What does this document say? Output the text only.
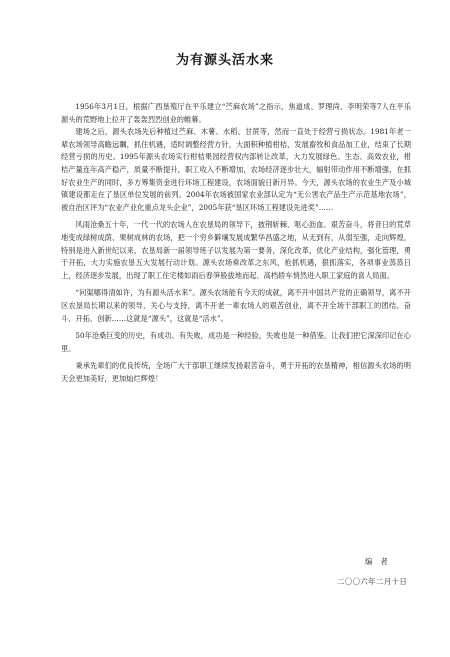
为有源头活水来

1956年3月1日，根据广西垦殖厅在平乐建立“苎麻农场”之指示，焦道成、罗理尚、李明荣等7人在平乐源头的荒野地上拉开了轰轰烈烈创业的帷幕。

建场之后，源头农场先后种植过苎麻、木薯、水稻、甘蔗等，然而一直处于经营亏损状态。1981年老一辈农场领导高瞻远瞩，抓住机遇，适时调整经营方针，大面积种植柑桔，发展畜牧和食品加工业，结束了长期经营亏损的历史。1995年源头农场实行柑桔果园经营权内部转让改革，大力发展绿色、生态、高效农业，柑桔产量连年高产稳产，质量不断提升，职工收入不断增加，农场经济逐步壮大，辐射带动作用不断增强，在抓好农业生产的同时，多方筹集资金进行环场工程建设，农场面貌日新月异。今天，源头农场的农业生产及小城镇建设都走在了垦区单位发展的前列。2004年农场被国家农业部认定为“无公害农产品生产示范基地农场”，被自治区评为“农业产业化重点龙头企业”，2005年获“垦区环场工程建设先进奖”……

风雨沧桑五十年，一代一代的农场人在农垦局的领导下，披荆斩棘、呕心沥血、艰苦奋斗，将昔日的荒草地变成绿树成荫、果树成林的农场，把一个穷乡僻壤发展成繁华昌盛之地，从无到有，从弱至强，走向辉煌，特别是进入新世纪以来，农垦局新一届领导班子以发展为第一要务，深化改革，优化产业结构，强化管理，勇于开拓，大力实施农垦五大发展行动计划。源头农场乘改革之东风，抢抓机遇，狠抓落实，各项事业蒸蒸日上，经济逐步发展，出现了职工住宅楼如雨后春笋般拔地而起、高档轿车悄然进入职工家庭的喜人局面。

“问渠哪得清如许，为有源头活水来”。源头农场能有今天的成就，离不开中国共产党的正确领导，离不开区农垦局长期以来的领导、关心与支持，离不开老一辈农场人的艰苦创业，离不开全场干部职工的团结、奋斗、开拓、创新……这就是“源头”，这就是“活水”。

50年沧桑巨变的历史，有成功、有失败，成功是一种经验，失败也是一种借鉴。让我们把它深深印记在心里。

秉承先辈们的优良传统，全场广大干部职工继续发扬艰苦奋斗，勇于开拓的农垦精神，相信源头农场的明天会更加美好，更加灿烂辉煌！

编者
二〇〇六年二月十日
